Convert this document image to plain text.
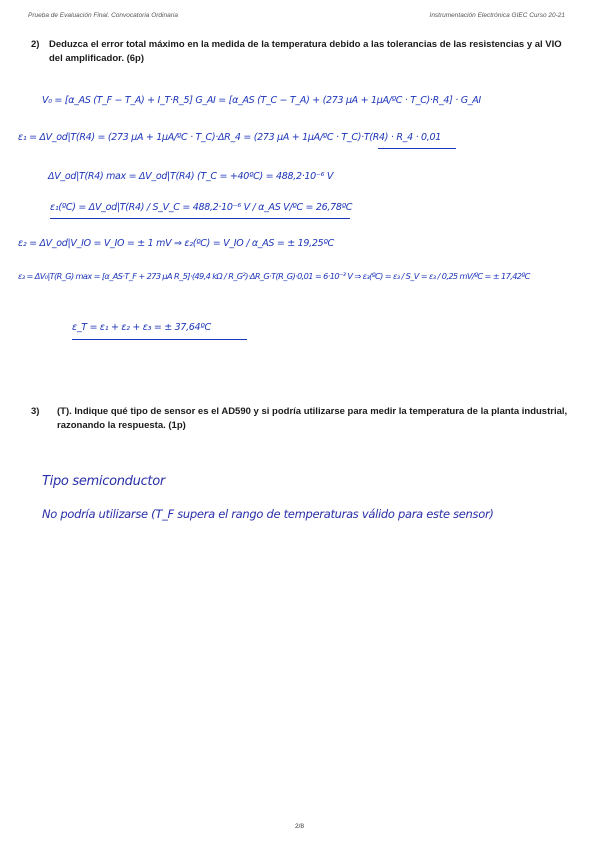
Prueba de Evaluación Final. Convocatoria Ordinaria	Instrumentación Electrónica GIEC Curso 20-21
2) Deduzca el error total máximo en la medida de la temperatura debido a las tolerancias de las resistencias y al VIO del amplificador. (6p)
V₀ = [α_AS (T_F − T_A) + I_T·R_5] G_AI = [α_AS (T_C − T_A) + (273 µA + 1µA/ºC · T_C)·R_4] · G_AI
ε₁ = ΔV_od|T(R4) = (273 µA + 1µA/ºC · T_C)·ΔR_4 = (273 µA + 1µA/ºC · T_C)·T(R4) · R_4 · 0,01
ΔV_od|T(R4) max = ΔV_od|T(R4) (T_C = +40ºC) = 488,2·10⁻⁶ V
ε₁(ºC) = ΔV_od|T(R4) / S_V_C = 488,2·10⁻⁶ V / α_AS V/ºC = 26,78ºC
ε₂ = ΔV_od|V_IO = V_IO = ± 1 mV ⇒ ε₂(ºC) = V_IO / α_AS = ± 19,25ºC
ε₃ = ΔV₀|T(R_G) max = [α_AS·T_F + 273 µA R_5]·(49,4 kΩ / R_G²)·ΔR_G·T(R_G)·0,01 = 6·10⁻³ V ⇒ ε₃(ºC) = ε₃ / S_V = ε₃ / 0,25 mV/ºC = ± 17,42ºC
ε_T = ε₁ + ε₂ + ε₃ = ± 37,64ºC
3) (T). Indique qué tipo de sensor es el AD590 y si podría utilizarse para medir la temperatura de la planta industrial, razonando la respuesta. (1p)
Tipo semiconductor
No podría utilizarse (T_F supera el rango de temperaturas válido para este sensor)
2/8
